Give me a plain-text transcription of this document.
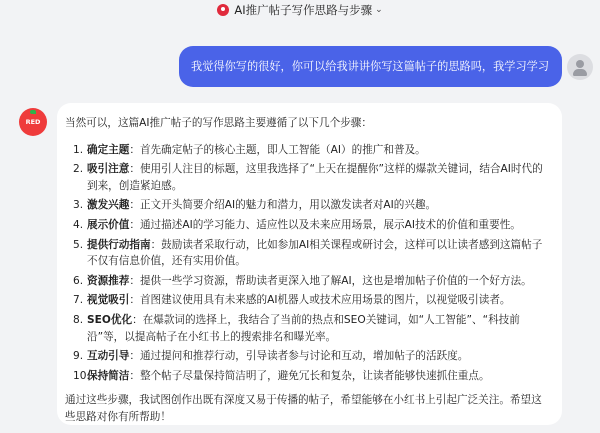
AI推广帖子写作思路与步骤 ⌄
我觉得你写的很好，你可以给我讲讲你写这篇帖子的思路吗，我学习学习
RED 当然可以，这篇AI推广帖子的写作思路主要遵循了以下几个步骤：

1. 确定主题：首先确定帖子的核心主题，即人工智能（AI）的推广和普及。
2. 吸引注意：使用引人注目的标题，这里我选择了“上天在提醒你”这样的爆款关键词，结合AI时代的到来，创造紧迫感。
3. 激发兴趣：正文开头简要介绍AI的魅力和潜力，用以激发读者对AI的兴趣。
4. 展示价值：通过描述AI的学习能力、适应性以及未来应用场景，展示AI技术的价值和重要性。
5. 提供行动指南：鼓励读者采取行动，比如参加AI相关课程或研讨会，这样可以让读者感到这篇帖子不仅有信息价值，还有实用价值。
6. 资源推荐：提供一些学习资源，帮助读者更深入地了解AI，这也是增加帖子价值的一个好方法。
7. 视觉吸引：首图建议使用具有未来感的AI机器人或技术应用场景的图片，以视觉吸引读者。
8. SEO优化：在爆款词的选择上，我结合了当前的热点和SEO关键词，如“人工智能”、“科技前沿”等，以提高帖子在小红书上的搜索排名和曝光率。
9. 互动引导：通过提问和推荐行动，引导读者参与讨论和互动，增加帖子的活跃度。
10.
保持简洁：整个帖子尽量保持简洁明了，避免冗长和复杂，让读者能够快速抓住重点。

通过这些步骤，我试图创作出既有深度又易于传播的帖子，希望能够在小红书上引起广泛关注。希望这些思路对你有所帮助！
